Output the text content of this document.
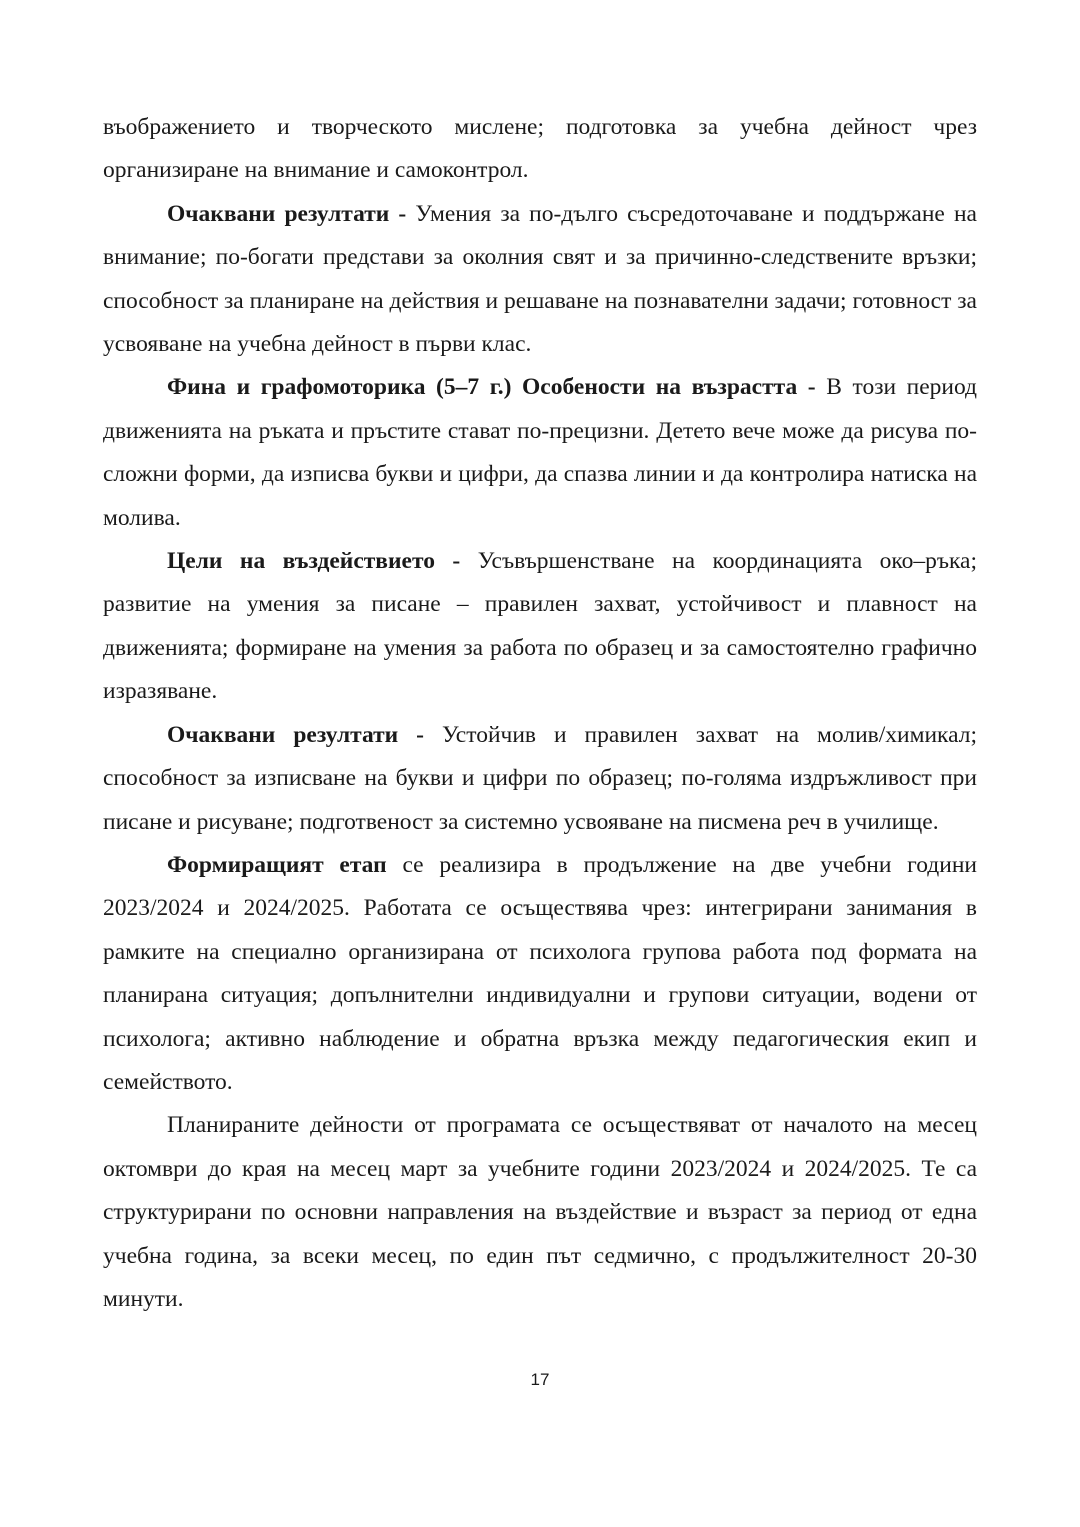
въображението и творческото мислене; подготовка за учебна дейност чрез организиране на внимание и самоконтрол.

Очаквани резултати - Умения за по-дълго съсредоточаване и поддържане на внимание; по-богати представи за околния свят и за причинно-следствените връзки; способност за планиране на действия и решаване на познавателни задачи; готовност за усвояване на учебна дейност в първи клас.

Фина и графомоторика (5–7 г.) Особености на възрастта - В този период движенията на ръката и пръстите стават по-прецизни. Детето вече може да рисува по-сложни форми, да изписва букви и цифри, да спазва линии и да контролира натиска на молива.

Цели на въздействието - Усъвършенстване на координацията око–ръка; развитие на умения за писане – правилен захват, устойчивост и плавност на движенията; формиране на умения за работа по образец и за самостоятелно графично изразяване.

Очаквани резултати - Устойчив и правилен захват на молив/химикал; способност за изписване на букви и цифри по образец; по-голяма издръжливост при писане и рисуване; подготвеност за системно усвояване на писмена реч в училище.

Формиращият етап се реализира в продължение на две учебни години 2023/2024 и 2024/2025. Работата се осъществява чрез: интегрирани занимания в рамките на специално организирана от психолога групова работа под формата на планирана ситуация; допълнителни индивидуални и групови ситуации, водени от психолога; активно наблюдение и обратна връзка между педагогическия екип и семейството.

Планираните дейности от програмата се осъществяват от началото на месец октомври до края на месец март за учебните години 2023/2024 и 2024/2025. Те са структурирани по основни направления на въздействие и възраст за период от една учебна година, за всеки месец, по един път седмично, с продължителност 20-30 минути.

17
